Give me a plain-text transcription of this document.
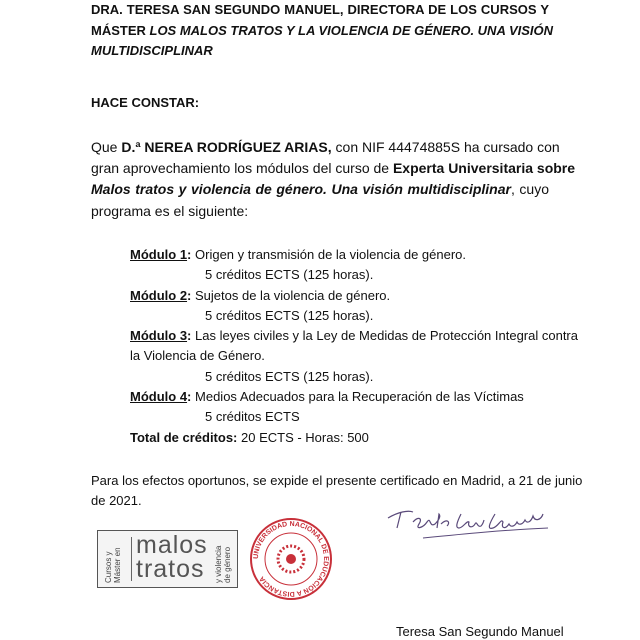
DRA. TERESA SAN SEGUNDO MANUEL, DIRECTORA DE LOS CURSOS Y
MÁSTER LOS MALOS TRATOS Y LA VIOLENCIA DE GÉNERO. UNA VISIÓN
MULTIDISCIPLINAR
HACE CONSTAR:
Que D.ª NEREA RODRÍGUEZ ARIAS, con NIF 44474885S ha cursado con
gran aprovechamiento los módulos del curso de Experta Universitaria sobre
Malos tratos y violencia de género. Una visión multidisciplinar, cuyo
programa es el siguiente:
Módulo 1: Origen y transmisión de la violencia de género.
5 créditos ECTS (125 horas).
Módulo 2: Sujetos de la violencia de género.
5 créditos ECTS (125 horas).
Módulo 3: Las leyes civiles y la Ley de Medidas de Protección Integral contra
la Violencia de Género.
5 créditos ECTS (125 horas).
Módulo 4: Medios Adecuados para la Recuperación de las Víctimas
5 créditos ECTS
Total de créditos: 20 ECTS - Horas: 500
Para los efectos oportunos, se expide el presente certificado en Madrid, a 21 de junio
de 2021.
Cursos y Máster en
malos
tratos y violencia de género	UNIVERSIDAD NACIONAL DE EDUCACIÓN A DISTANCIA
Teresa San Segundo Manuel
